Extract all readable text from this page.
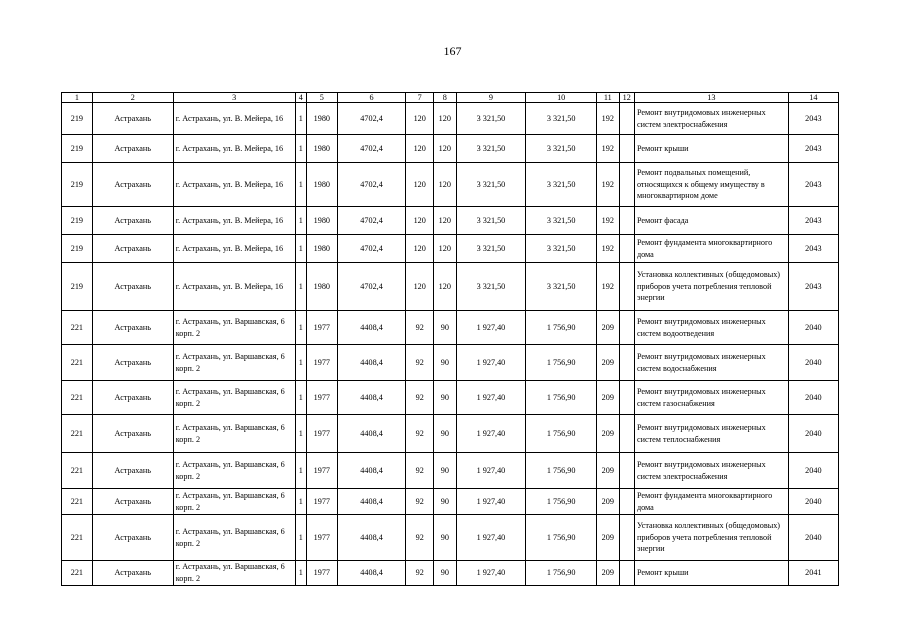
167
1	2	3	4	5	6	7	8	9	10	11	12	13	14
219	Астрахань	г. Астрахань, ул. В. Мейера, 16	1	1980	4702,4	120	120	3 321,50	3 321,50	192		Ремонт внутридомовых инженерных систем электроснабжения	2043
219	Астрахань	г. Астрахань, ул. В. Мейера, 16	1	1980	4702,4	120	120	3 321,50	3 321,50	192		Ремонт крыши	2043
219	Астрахань	г. Астрахань, ул. В. Мейера, 16	1	1980	4702,4	120	120	3 321,50	3 321,50	192		Ремонт подвальных помещений, относящихся к общему имуществу в многоквартирном доме	2043
219	Астрахань	г. Астрахань, ул. В. Мейера, 16	1	1980	4702,4	120	120	3 321,50	3 321,50	192		Ремонт фасада	2043
219	Астрахань	г. Астрахань, ул. В. Мейера, 16	1	1980	4702,4	120	120	3 321,50	3 321,50	192		Ремонт фундамента многоквартирного дома	2043
219	Астрахань	г. Астрахань, ул. В. Мейера, 16	1	1980	4702,4	120	120	3 321,50	3 321,50	192		Установка коллективных (общедомовых) приборов учета потребления тепловой энергии	2043
221	Астрахань	г. Астрахань, ул. Варшавская, 6 корп. 2	1	1977	4408,4	92	90	1 927,40	1 756,90	209		Ремонт внутридомовых инженерных систем водоотведения	2040
221	Астрахань	г. Астрахань, ул. Варшавская, 6 корп. 2	1	1977	4408,4	92	90	1 927,40	1 756,90	209		Ремонт внутридомовых инженерных систем водоснабжения	2040
221	Астрахань	г. Астрахань, ул. Варшавская, 6 корп. 2	1	1977	4408,4	92	90	1 927,40	1 756,90	209		Ремонт внутридомовых инженерных систем газоснабжения	2040
221	Астрахань	г. Астрахань, ул. Варшавская, 6 корп. 2	1	1977	4408,4	92	90	1 927,40	1 756,90	209		Ремонт внутридомовых инженерных систем теплоснабжения	2040
221	Астрахань	г. Астрахань, ул. Варшавская, 6 корп. 2	1	1977	4408,4	92	90	1 927,40	1 756,90	209		Ремонт внутридомовых инженерных систем электроснабжения	2040
221	Астрахань	г. Астрахань, ул. Варшавская, 6 корп. 2	1	1977	4408,4	92	90	1 927,40	1 756,90	209		Ремонт фундамента многоквартирного дома	2040
221	Астрахань	г. Астрахань, ул. Варшавская, 6 корп. 2	1	1977	4408,4	92	90	1 927,40	1 756,90	209		Установка коллективных (общедомовых) приборов учета потребления тепловой энергии	2040
221	Астрахань	г. Астрахань, ул. Варшавская, 6 корп. 2	1	1977	4408,4	92	90	1 927,40	1 756,90	209		Ремонт крыши	2041
